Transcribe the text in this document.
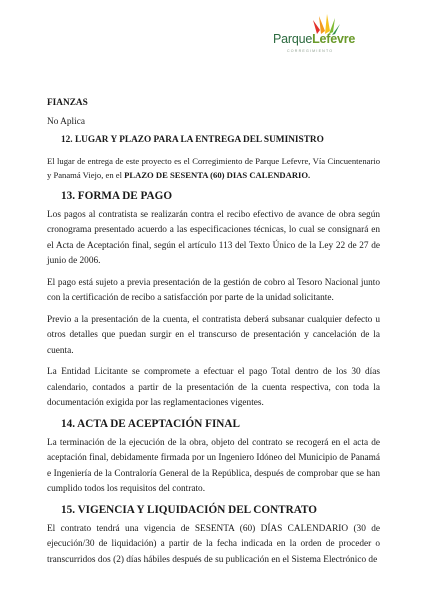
ParqueLefevre
CORREGIMIENTO

FIANZAS

No Aplica

12. LUGAR Y PLAZO PARA LA ENTREGA DEL SUMINISTRO

El lugar de entrega de este proyecto es el Corregimiento de Parque Lefevre, Vía Cincuentenario y Panamá Viejo, en el PLAZO DE SESENTA (60) DIAS CALENDARIO.

13. FORMA DE PAGO

Los pagos al contratista se realizarán contra el recibo efectivo de avance de obra según cronograma presentado acuerdo a las especificaciones técnicas, lo cual se consignará en el Acta de Aceptación final, según el artículo 113 del Texto Único de la Ley 22 de 27 de junio de 2006.

El pago está sujeto a previa presentación de la gestión de cobro al Tesoro Nacional junto con la certificación de recibo a satisfacción por parte de la unidad solicitante.

Previo a la presentación de la cuenta, el contratista deberá subsanar cualquier defecto u otros detalles que puedan surgir en el transcurso de presentación y cancelación de la cuenta.

La Entidad Licitante se compromete a efectuar el pago Total dentro de los 30 días calendario, contados a partir de la presentación de la cuenta respectiva, con toda la documentación exigida por las reglamentaciones vigentes.

14. ACTA DE ACEPTACIÓN FINAL

La terminación de la ejecución de la obra, objeto del contrato se recogerá en el acta de aceptación final, debidamente firmada por un Ingeniero Idóneo del Municipio de Panamá e Ingeniería de la Contraloría General de la República, después de comprobar que se han cumplido todos los requisitos del contrato.

15. VIGENCIA Y LIQUIDACIÓN DEL CONTRATO

El contrato tendrá una vigencia de SESENTA (60) DÍAS CALENDARIO (30 de ejecución/30 de liquidación) a partir de la fecha indicada en la orden de proceder o transcurridos dos (2) días hábiles después de su publicación en el Sistema Electrónico de
